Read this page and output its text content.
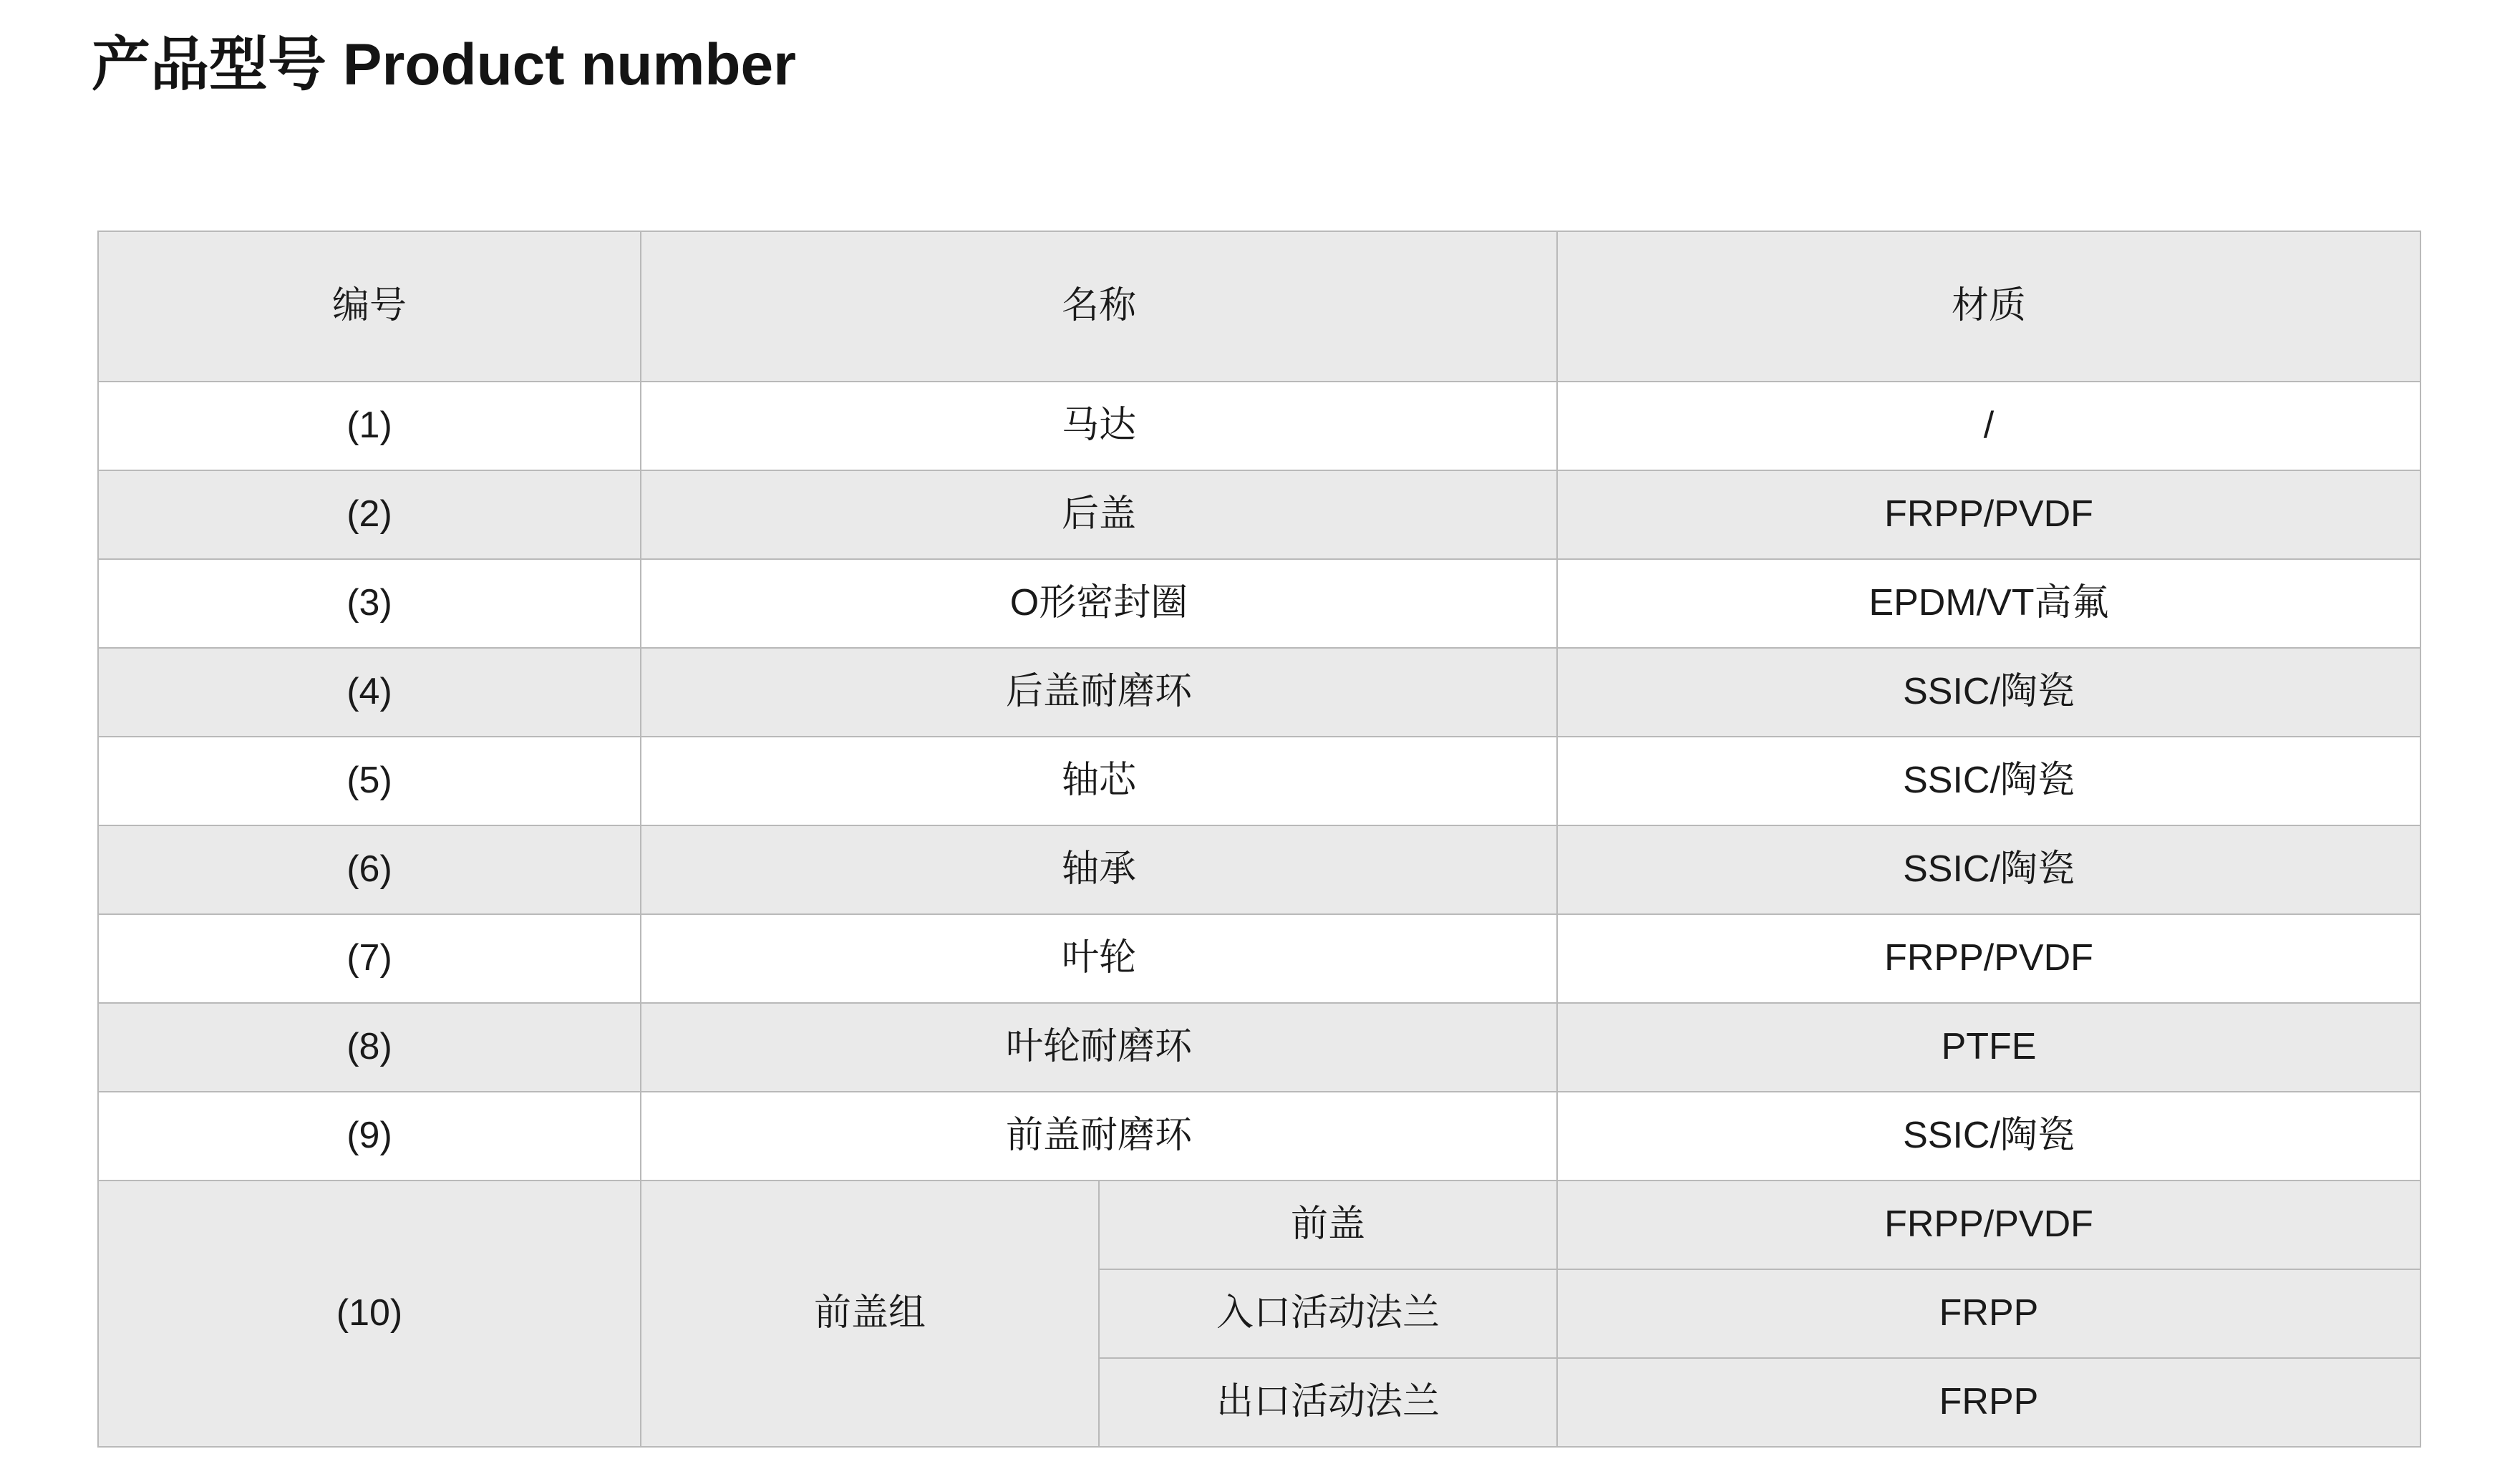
产品型号 Product number
编号	名称		材质

(1)	马达		/

(2)	后盖		FRPP/PVDF

(3)	O形密封圈		EPDM/VT高氟

(4)	后盖耐磨环		SSIC/陶瓷

(5)	轴芯		SSIC/陶瓷

(6)	轴承		SSIC/陶瓷

(7)	叶轮		FRPP/PVDF

(8)	叶轮耐磨环		PTFE

(9)	前盖耐磨环		SSIC/陶瓷

(10)	前盖组	前盖	FRPP/PVDF

		入口活动法兰	FRPP

		出口活动法兰	FRPP
